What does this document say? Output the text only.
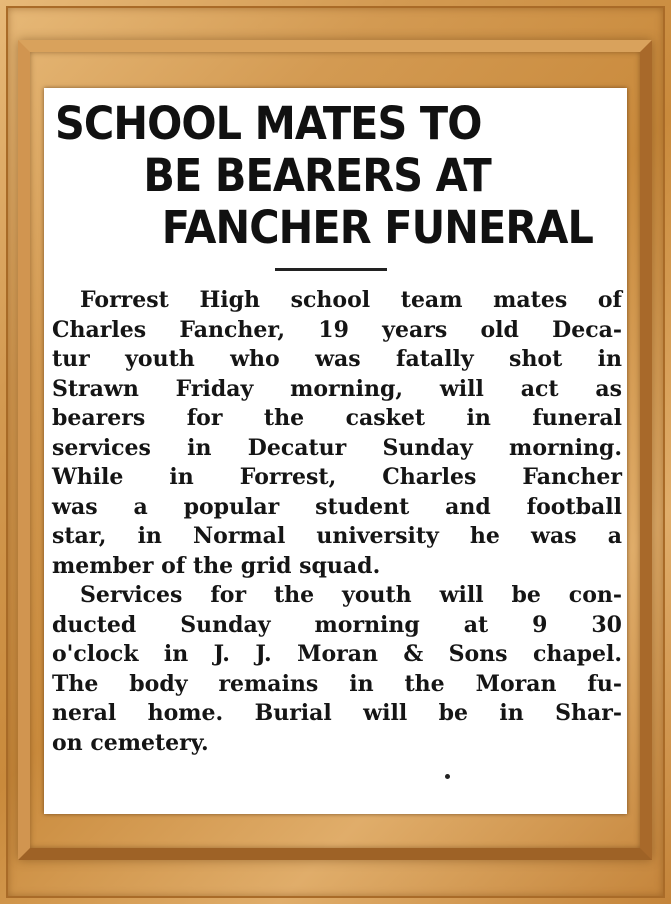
SCHOOL MATES TO
BE BEARERS AT
FANCHER FUNERAL
Forrest High school team mates of
Charles Fancher, 19 years old Deca-
tur youth who was fatally shot in
Strawn Friday morning, will act as
bearers for the casket in funeral
services in Decatur Sunday morning.
While in Forrest, Charles Fancher
was a popular student and football
star, in Normal university he was a
member of the grid squad.
Services for the youth will be con-
ducted Sunday morning at 9 30
o'clock in J. J. Moran & Sons chapel.
The body remains in the Moran fu-
neral home. Burial will be in Shar-
on cemetery.
